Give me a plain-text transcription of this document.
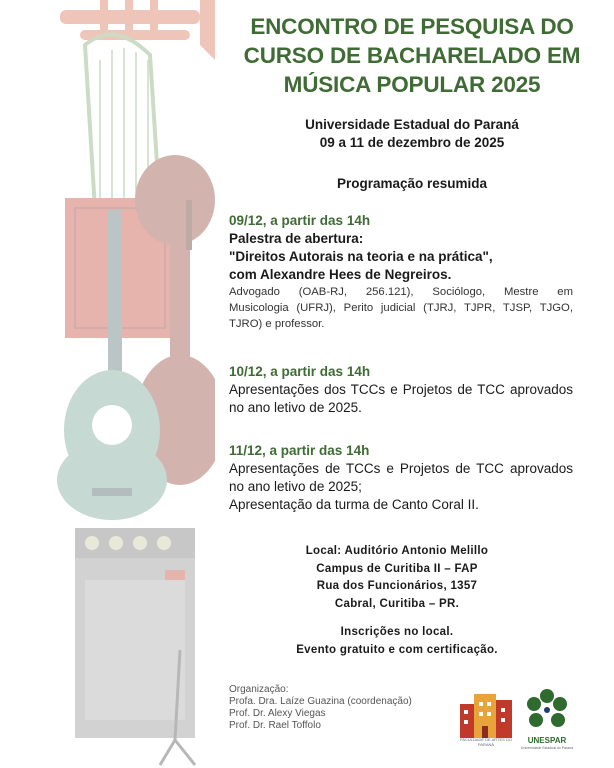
ENCONTRO DE PESQUISA DO
CURSO DE BACHARELADO EM
MÚSICA POPULAR 2025
Universidade Estadual do Paraná
09 a 11 de dezembro de 2025
Programação resumida
09/12, a partir das 14h
Palestra de abertura:
"Direitos Autorais na teoria e na prática",
com Alexandre Hees de Negreiros.
Advogado (OAB-RJ, 256.121), Sociólogo, Mestre em
Musicologia (UFRJ), Perito judicial (TJRJ, TJPR, TJSP, TJGO,
TJRO) e professor.
10/12, a partir das 14h
Apresentações dos TCCs e Projetos de TCC aprovados
no ano letivo de 2025.
11/12, a partir das 14h
Apresentações de TCCs e Projetos de TCC aprovados
no ano letivo de 2025;
Apresentação da turma de Canto Coral II.
Local: Auditório Antonio Melillo
Campus de Curitiba II – FAP
Rua dos Funcionários, 1357
Cabral, Curitiba – PR.
Inscrições no local.
Evento gratuito e com certificação.
Organização:
Profa. Dra. Laíze Guazina (coordenação)
Prof. Dr. Alexy Viegas
Prof. Dr. Rael Toffolo
FACULDADE DE ARTES DO PARANÁ	UNESPAR
Universidade Estadual do Paraná
